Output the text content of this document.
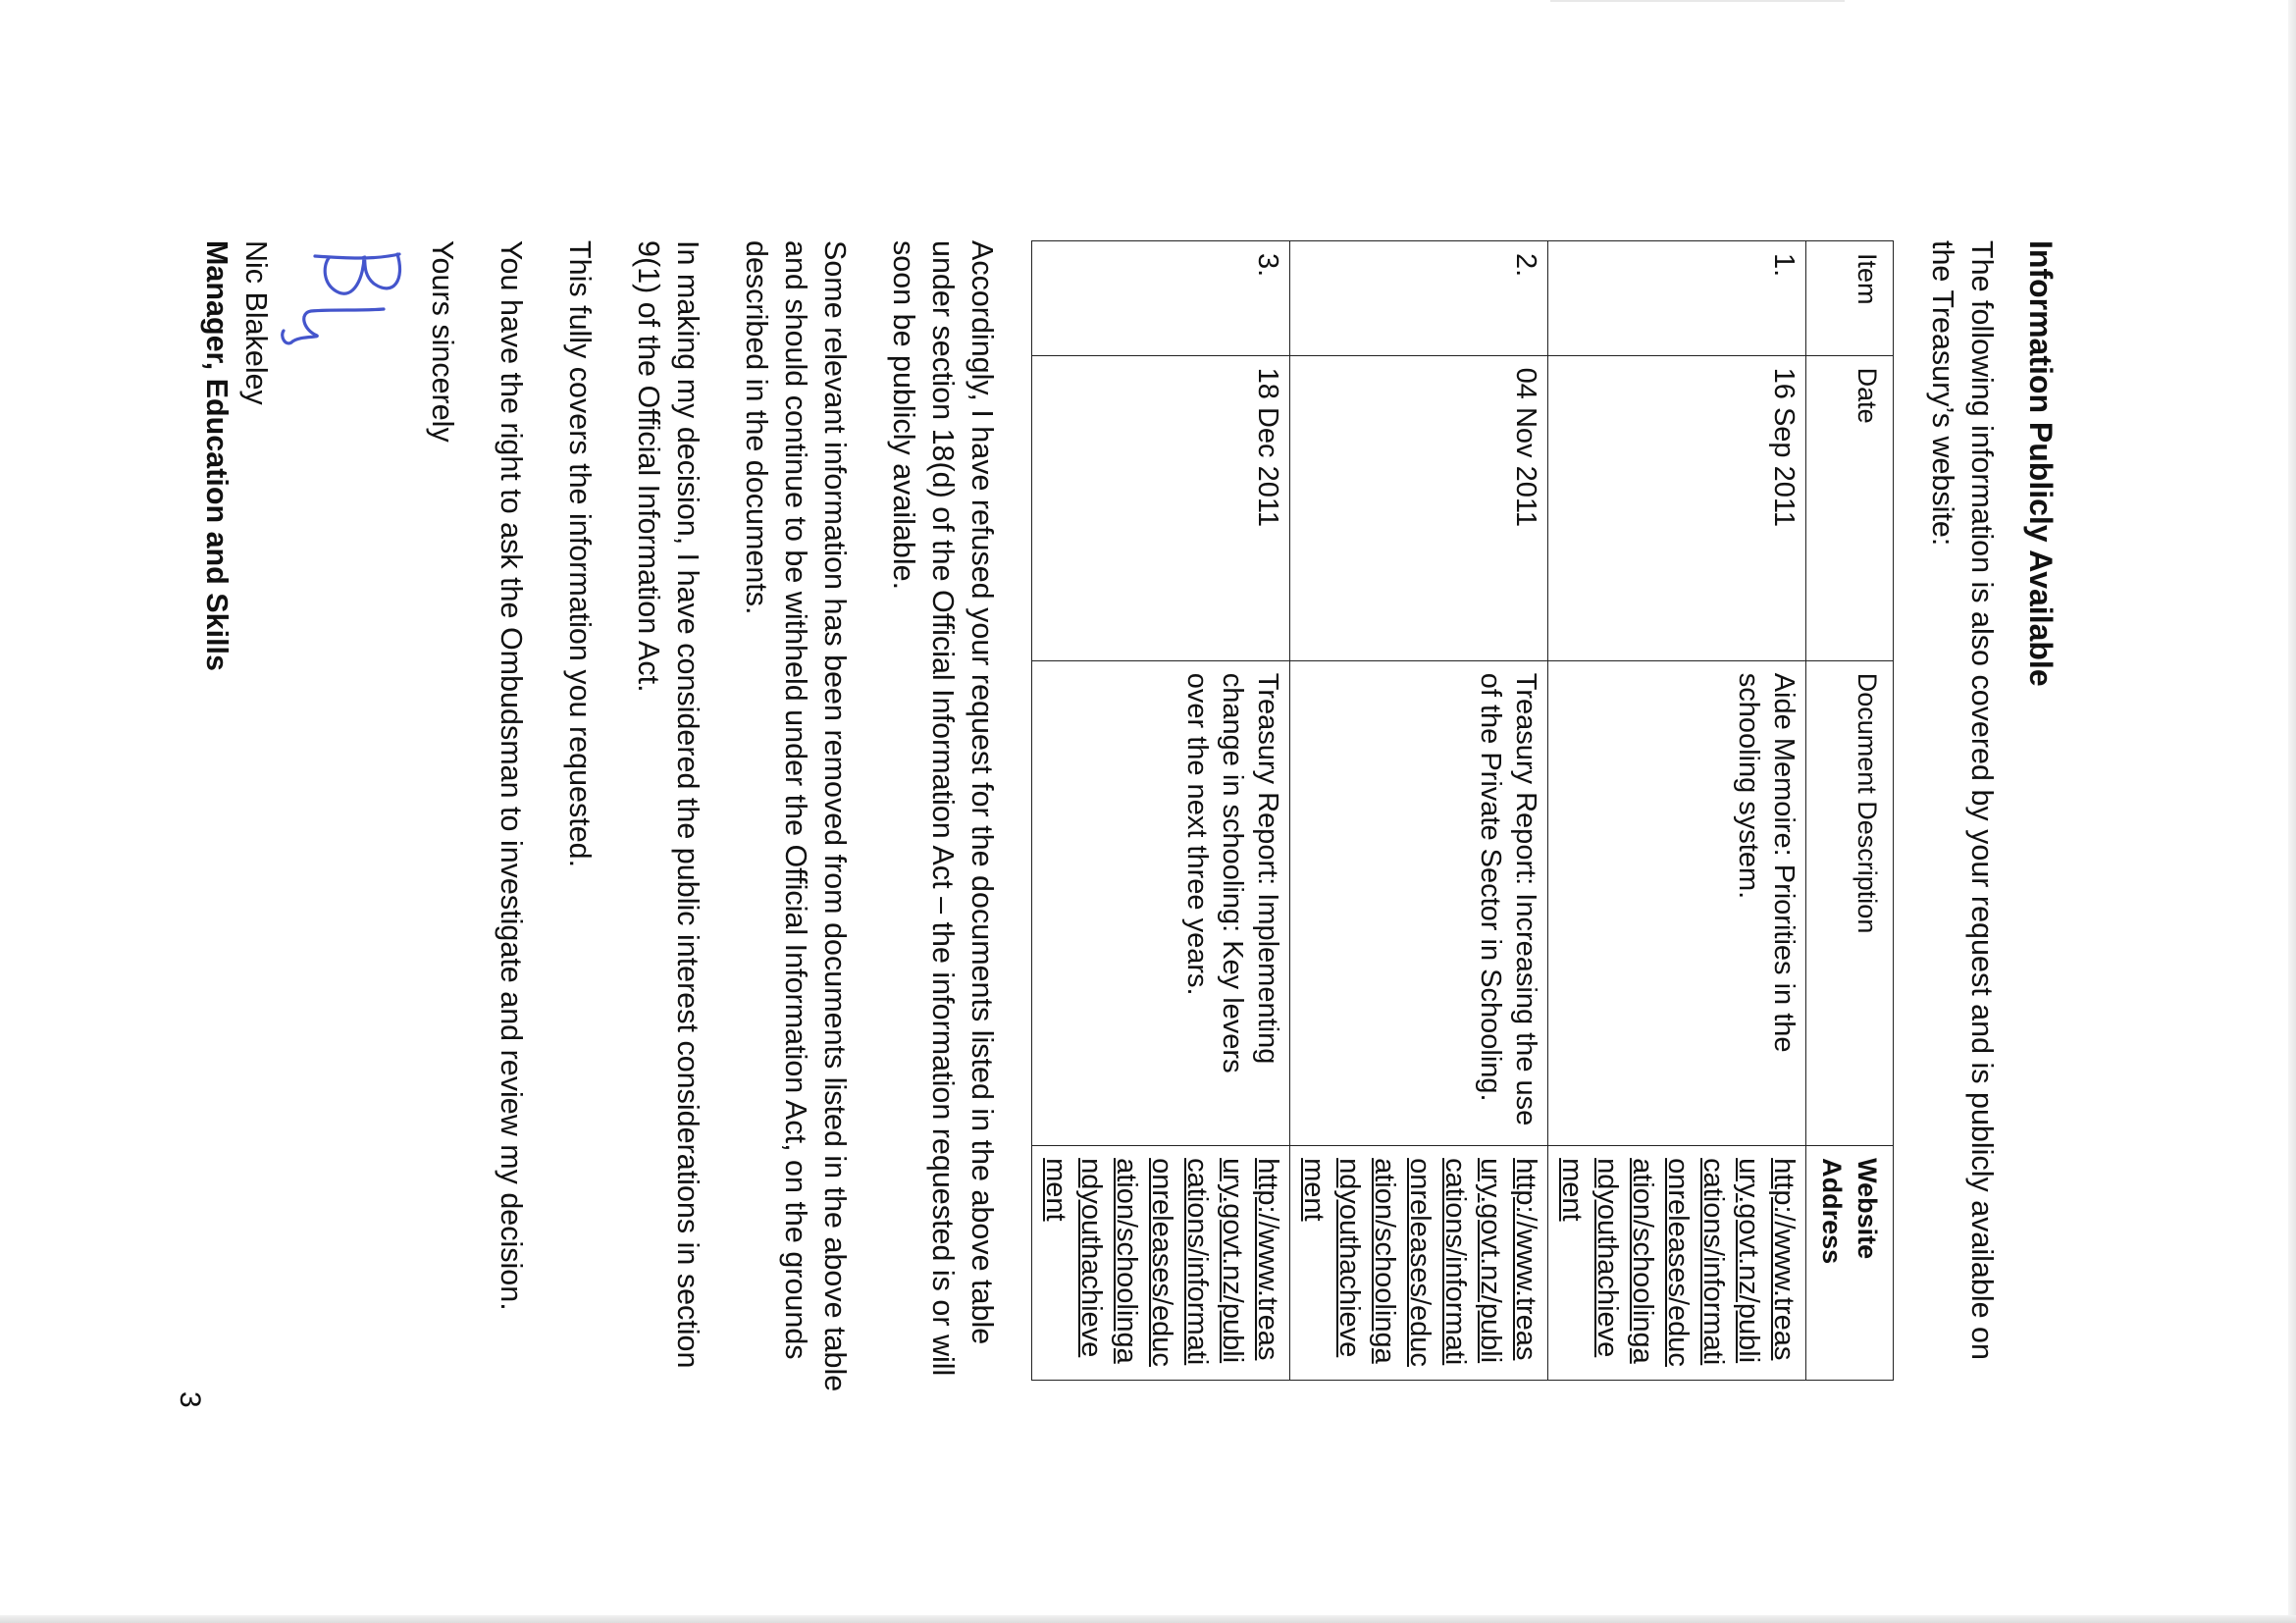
Information Publicly Available

The following information is also covered by your request and is publicly available on the Treasury’s website:

Item	Date	Document Description	Website Address
1.	16 Sep 2011	Aide Memoire: Priorities in the schooling system.	http://www.treasury.govt.nz/publications/informationreleases/education/schoolingandyouthachievement
2.	04 Nov 2011	Treasury Report: Increasing the use of the Private Sector in Schooling.	http://www.treasury.govt.nz/publications/informationreleases/education/schoolingandyouthachievement
3.	18 Dec 2011	Treasury Report: Implementing change in schooling: Key levers over the next three years.	http://www.treasury.govt.nz/publications/informationreleases/education/schoolingandyouthachievement

Accordingly, I have refused your request for the documents listed in the above table under section 18(d) of the Official Information Act – the information requested is or will soon be publicly available.

Some relevant information has been removed from documents listed in the above table and should continue to be withheld under the Official Information Act, on the grounds described in the documents.

In making my decision, I have considered the public interest considerations in section 9(1) of the Official Information Act.

This fully covers the information you requested.

You have the right to ask the Ombudsman to investigate and review my decision.

Yours sincerely

Nic Blakeley

Manager, Education and Skills

3
